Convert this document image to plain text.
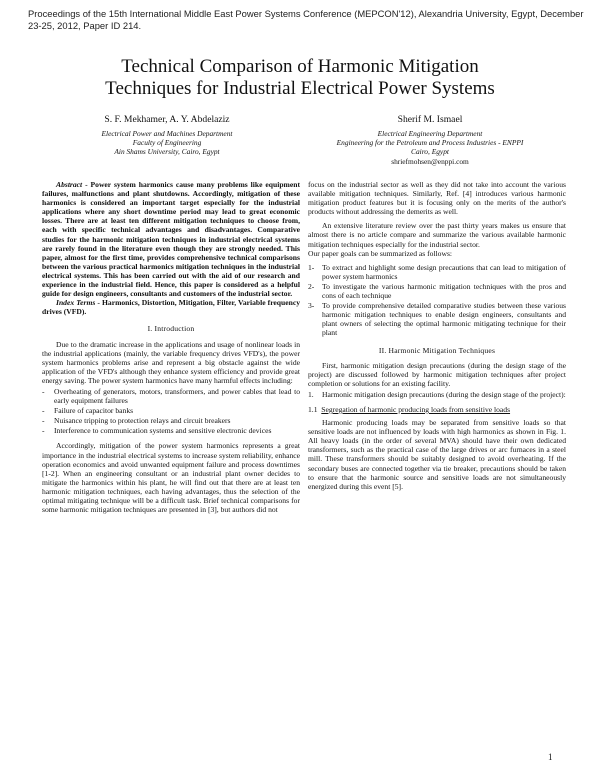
Proceedings of the 15th International Middle East Power Systems Conference (MEPCON'12), Alexandria University, Egypt, December 23-25, 2012, Paper ID 214.
Technical Comparison of Harmonic Mitigation
Techniques for Industrial Electrical Power Systems
S. F. Mekhamer, A. Y. Abdelaziz
Electrical Power and Machines Department
Faculty of Engineering
Ain Shams University, Cairo, Egypt
Sherif M. Ismael
Electrical Engineering Department
Engineering for the Petroleum and Process Industries - ENPPI
Cairo, Egypt
shriefmohsen@enppi.com

Abstract - Power system harmonics cause many problems like equipment failures, malfunctions and plant shutdowns. Accordingly, mitigation of these harmonics is considered an important target especially for the industrial applications where any short downtime period may lead to great economic losses. There are at least ten different mitigation techniques to choose from, each with specific technical advantages and disadvantages. Comparative studies for the harmonic mitigation techniques in industrial electrical systems are rarely found in the literature even though they are strongly needed. This paper, almost for the first time, provides comprehensive technical comparisons between the various practical harmonics mitigation techniques in the industrial electrical systems. This has been carried out with the aid of our research and experience in the industrial field. Hence, this paper is considered as a helpful guide for design engineers, consultants and customers of the industrial sector.

Index Terms - Harmonics, Distortion, Mitigation, Filter, Variable frequency drives (VFD).

I. Introduction

Due to the dramatic increase in the applications and usage of nonlinear loads in the industrial applications (mainly, the variable frequency drives VFD's), the power system harmonics problems arise and represent a big obstacle against the wide application of the VFD's although they enhance system efficiency and provide great energy saving. The power system harmonics have many harmful effects including:

- Overheating of generators, motors, transformers, and power cables that lead to early equipment failures
- Failure of capacitor banks
- Nuisance tripping to protection relays and circuit breakers
- Interference to communication systems and sensitive electronic devices

Accordingly, mitigation of the power system harmonics represents a great importance in the industrial electrical systems to increase system reliability, enhance operation economics and avoid unwanted equipment failure and process downtimes [1-2]. When an engineering consultant or an industrial plant owner decides to mitigate the harmonics within his plant, he will find out that there are at least ten harmonic mitigation techniques, each having advantages, thus the selection of the optimal mitigating technique will be a difficult task. Brief technical comparisons for some harmonic mitigation techniques are presented in [3], but authors did not

focus on the industrial sector as well as they did not take into account the various available mitigation techniques. Similarly, Ref. [4] introduces various harmonic mitigation product features but it is focusing only on the merits of the author's products without addressing the demerits as well.

An extensive literature review over the past thirty years makes us ensure that almost there is no article compare and summarize the various available harmonic mitigation techniques especially for the industrial sector.

Our paper goals can be summarized as follows:

1- To extract and highlight some design precautions that can lead to mitigation of power system harmonics
2- To investigate the various harmonic mitigation techniques with the pros and cons of each technique
3- To provide comprehensive detailed comparative studies between these various harmonic mitigation techniques to enable design engineers, consultants and plant owners of selecting the optimal harmonic mitigating technique for their plant
II. Harmonic Mitigation Techniques

First, harmonic mitigation design precautions (during the design stage of the project) are discussed followed by harmonic mitigation techniques after project completion or solutions for an existing facility.

1. Harmonic mitigation design precautions (during the design stage of the project):
1.1 Segregation of harmonic producing loads from sensitive loads

Harmonic producing loads may be separated from sensitive loads so that sensitive loads are not influenced by loads with high harmonics as shown in Fig. 1. All heavy loads (in the order of several MVA) should have their own dedicated transformers, such as the practical case of the large drives or arc furnaces in a steel mill. These transformers should be suitably designed to avoid overheating. If the secondary buses are connected together via tie breaker, precautions should be taken to ensure that the harmonic source and sensitive loads are not simultaneously energized during this event [5].

1
